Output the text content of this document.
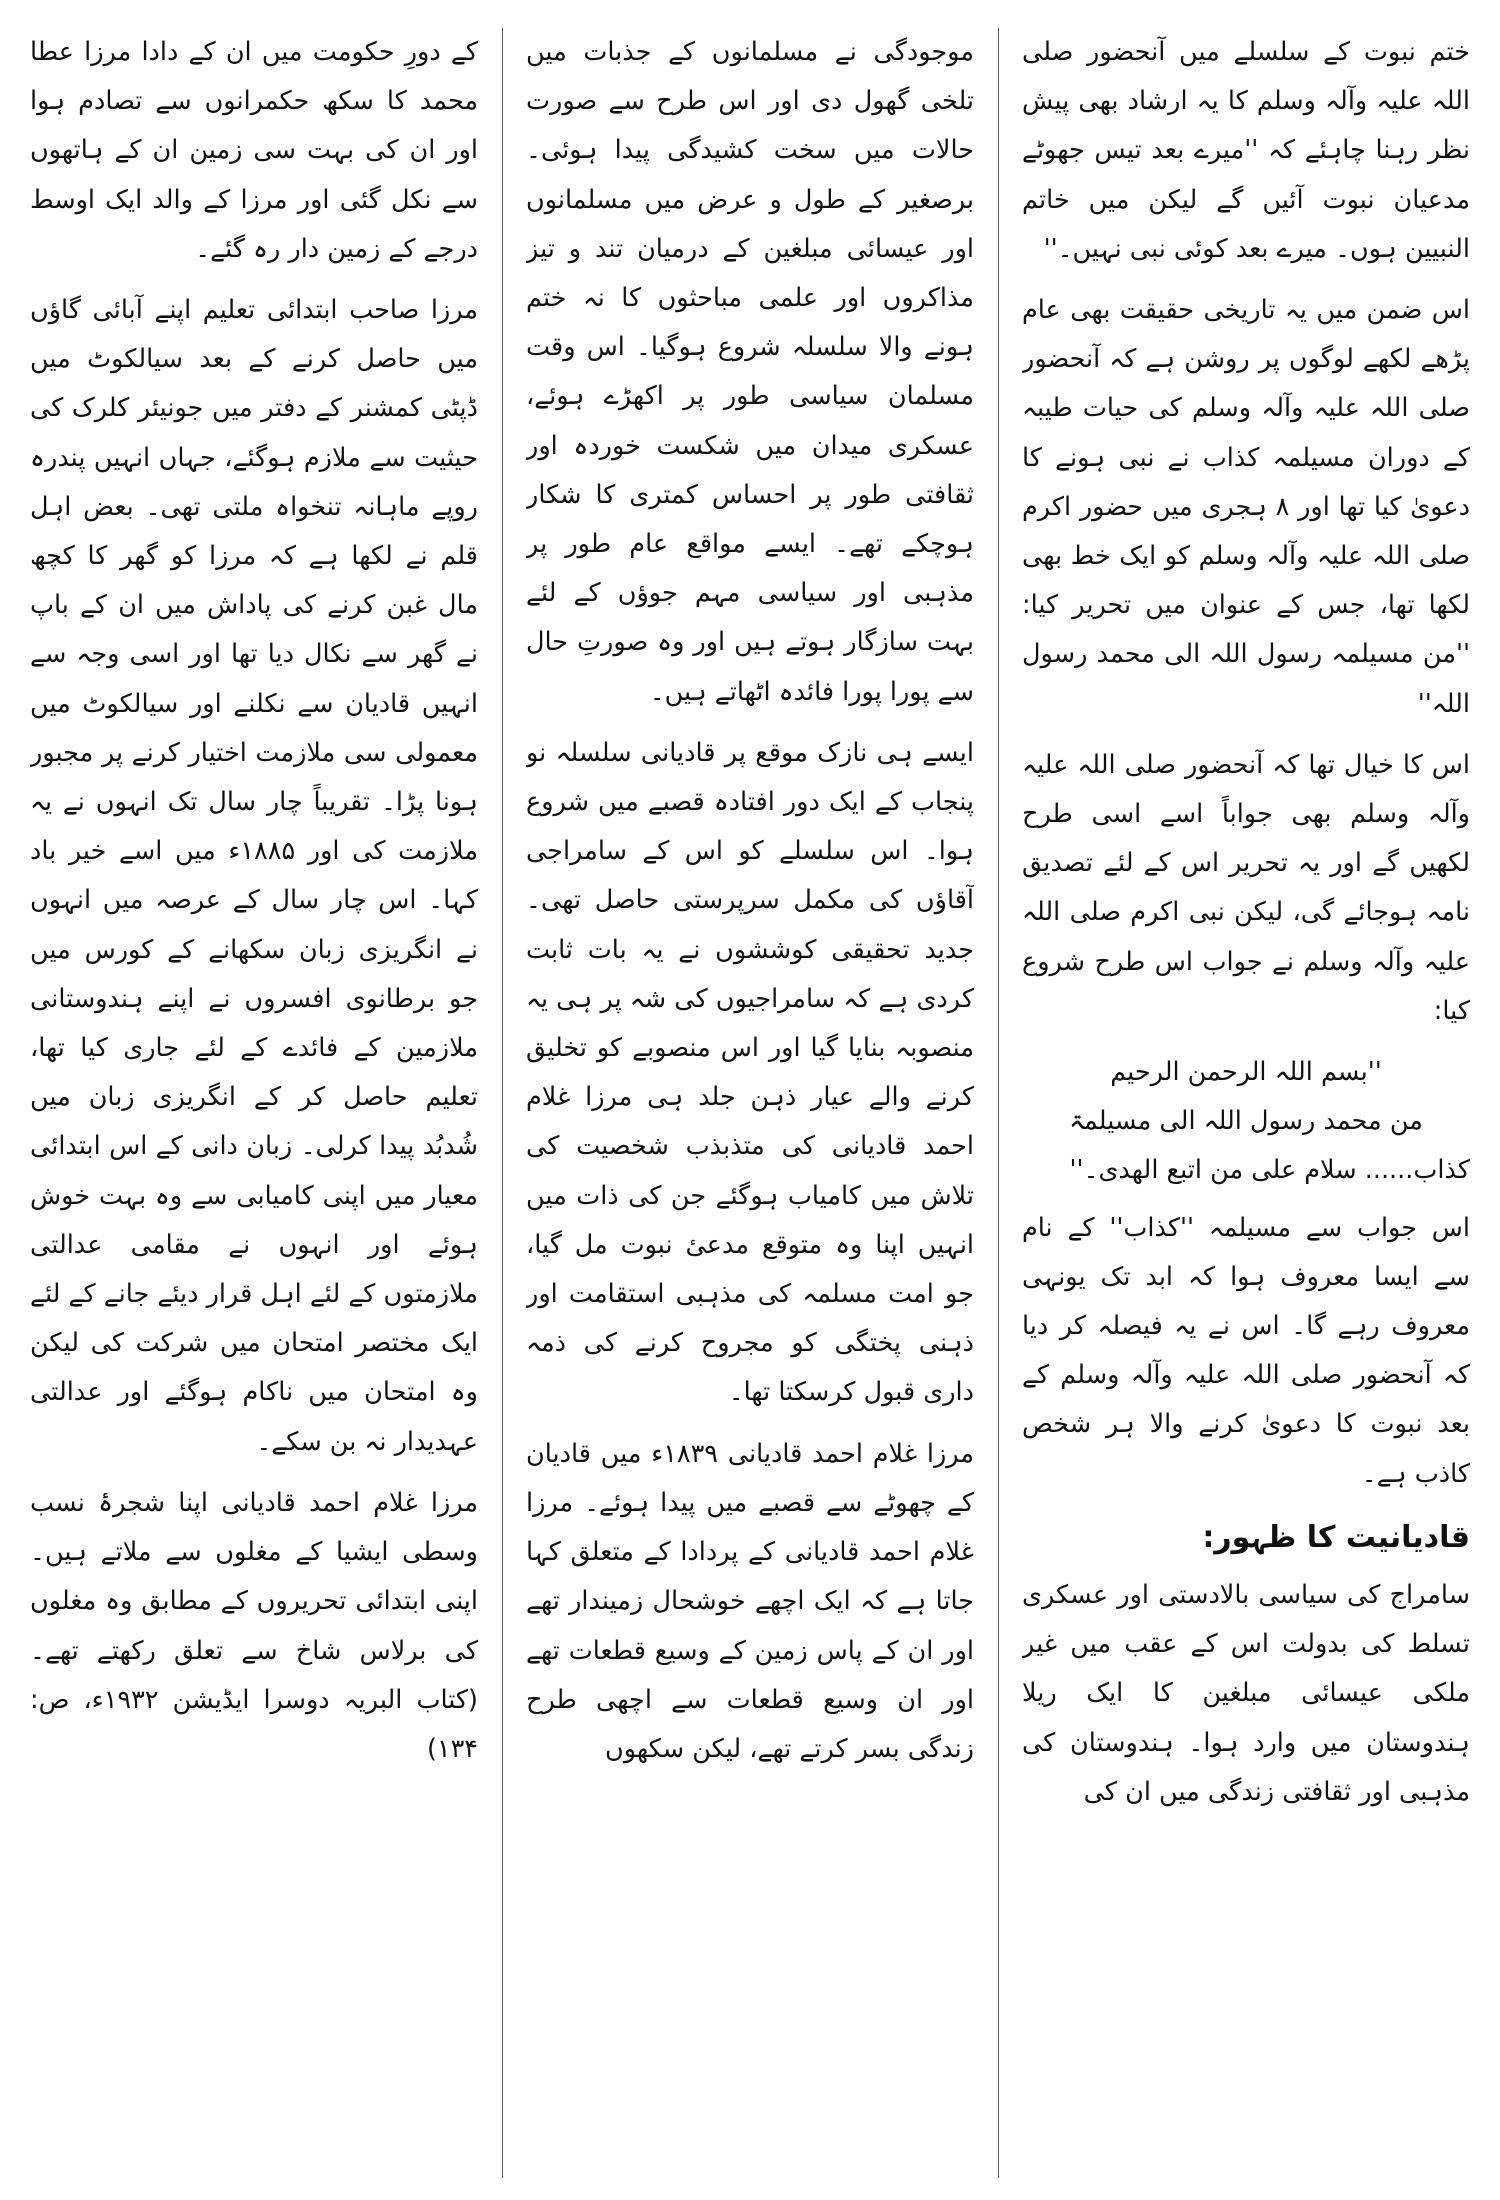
ختم نبوت کے سلسلے میں آنحضور صلی اللہ علیہ وآلہ وسلم کا یہ ارشاد بھی پیش نظر رہنا چاہئے کہ ''میرے بعد تیس جھوٹے مدعیان نبوت آئیں گے لیکن میں خاتم النبیین ہوں۔ میرے بعد کوئی نبی نہیں۔''

اس ضمن میں یہ تاریخی حقیقت بھی عام پڑھے لکھے لوگوں پر روشن ہے کہ آنحضور صلی اللہ علیہ وآلہ وسلم کی حیات طیبہ کے دوران مسیلمہ کذاب نے نبی ہونے کا دعویٰ کیا تھا اور ۸ ہجری میں حضور اکرم صلی اللہ علیہ وآلہ وسلم کو ایک خط بھی لکھا تھا، جس کے عنوان میں تحریر کیا: ''من مسیلمہ رسول اللہ الی محمد رسول اللہ''

اس کا خیال تھا کہ آنحضور صلی اللہ علیہ وآلہ وسلم بھی جواباً اسے اسی طرح لکھیں گے اور یہ تحریر اس کے لئے تصدیق نامہ ہوجائے گی، لیکن نبی اکرم صلی اللہ علیہ وآلہ وسلم نے جواب اس طرح شروع کیا:

''بسم اللہ الرحمن الرحیم

من محمد رسول اللہ الی مسیلمۃ

کذاب...... سلام علی من اتبع الھدی۔''

اس جواب سے مسیلمہ ''کذاب'' کے نام سے ایسا معروف ہوا کہ ابد تک یونہی معروف رہے گا۔ اس نے یہ فیصلہ کر دیا کہ آنحضور صلی اللہ علیہ وآلہ وسلم کے بعد نبوت کا دعویٰ کرنے والا ہر شخص کاذب ہے۔

قادیانیت کا ظہور:

سامراج کی سیاسی بالادستی اور عسکری تسلط کی بدولت اس کے عقب میں غیر ملکی عیسائی مبلغین کا ایک ریلا ہندوستان میں وارد ہوا۔ ہندوستان کی مذہبی اور ثقافتی زندگی میں ان کی

موجودگی نے مسلمانوں کے جذبات میں تلخی گھول دی اور اس طرح سے صورت حالات میں سخت کشیدگی پیدا ہوئی۔ برصغیر کے طول و عرض میں مسلمانوں اور عیسائی مبلغین کے درمیان تند و تیز مذاکروں اور علمی مباحثوں کا نہ ختم ہونے والا سلسلہ شروع ہوگیا۔ اس وقت مسلمان سیاسی طور پر اکھڑے ہوئے، عسکری میدان میں شکست خوردہ اور ثقافتی طور پر احساس کمتری کا شکار ہوچکے تھے۔ ایسے مواقع عام طور پر مذہبی اور سیاسی مہم جوؤں کے لئے بہت سازگار ہوتے ہیں اور وہ صورتِ حال سے پورا پورا فائدہ اٹھاتے ہیں۔

ایسے ہی نازک موقع پر قادیانی سلسلہ نو پنجاب کے ایک دور افتادہ قصبے میں شروع ہوا۔ اس سلسلے کو اس کے سامراجی آقاؤں کی مکمل سرپرستی حاصل تھی۔ جدید تحقیقی کوششوں نے یہ بات ثابت کردی ہے کہ سامراجیوں کی شہ پر ہی یہ منصوبہ بنایا گیا اور اس منصوبے کو تخلیق کرنے والے عیار ذہن جلد ہی مرزا غلام احمد قادیانی کی متذبذب شخصیت کی تلاش میں کامیاب ہوگئے جن کی ذات میں انہیں اپنا وہ متوقع مدعیٔ نبوت مل گیا، جو امت مسلمہ کی مذہبی استقامت اور ذہنی پختگی کو مجروح کرنے کی ذمہ داری قبول کرسکتا تھا۔

مرزا غلام احمد قادیانی ۱۸۳۹ء میں قادیان کے چھوٹے سے قصبے میں پیدا ہوئے۔ مرزا غلام احمد قادیانی کے پردادا کے متعلق کہا جاتا ہے کہ ایک اچھے خوشحال زمیندار تھے اور ان کے پاس زمین کے وسیع قطعات تھے اور ان وسیع قطعات سے اچھی طرح زندگی بسر کرتے تھے، لیکن سکھوں

کے دورِ حکومت میں ان کے دادا مرزا عطا محمد کا سکھ حکمرانوں سے تصادم ہوا اور ان کی بہت سی زمین ان کے ہاتھوں سے نکل گئی اور مرزا کے والد ایک اوسط درجے کے زمین دار رہ گئے۔

مرزا صاحب ابتدائی تعلیم اپنے آبائی گاؤں میں حاصل کرنے کے بعد سیالکوٹ میں ڈپٹی کمشنر کے دفتر میں جونیئر کلرک کی حیثیت سے ملازم ہوگئے، جہاں انہیں پندرہ روپے ماہانہ تنخواہ ملتی تھی۔ بعض اہل قلم نے لکھا ہے کہ مرزا کو گھر کا کچھ مال غبن کرنے کی پاداش میں ان کے باپ نے گھر سے نکال دیا تھا اور اسی وجہ سے انہیں قادیان سے نکلنے اور سیالکوٹ میں معمولی سی ملازمت اختیار کرنے پر مجبور ہونا پڑا۔ تقریباً چار سال تک انہوں نے یہ ملازمت کی اور ۱۸۸۵ء میں اسے خیر باد کہا۔ اس چار سال کے عرصہ میں انہوں نے انگریزی زبان سکھانے کے کورس میں جو برطانوی افسروں نے اپنے ہندوستانی ملازمین کے فائدے کے لئے جاری کیا تھا، تعلیم حاصل کر کے انگریزی زبان میں شُدبُد پیدا کرلی۔ زبان دانی کے اس ابتدائی معیار میں اپنی کامیابی سے وہ بہت خوش ہوئے اور انہوں نے مقامی عدالتی ملازمتوں کے لئے اہل قرار دیئے جانے کے لئے ایک مختصر امتحان میں شرکت کی لیکن وہ امتحان میں ناکام ہوگئے اور عدالتی عہدیدار نہ بن سکے۔

مرزا غلام احمد قادیانی اپنا شجرۂ نسب وسطی ایشیا کے مغلوں سے ملاتے ہیں۔ اپنی ابتدائی تحریروں کے مطابق وہ مغلوں کی برلاس شاخ سے تعلق رکھتے تھے۔ (کتاب البریہ دوسرا ایڈیشن ۱۹۳۲ء، ص: ۱۳۴)
